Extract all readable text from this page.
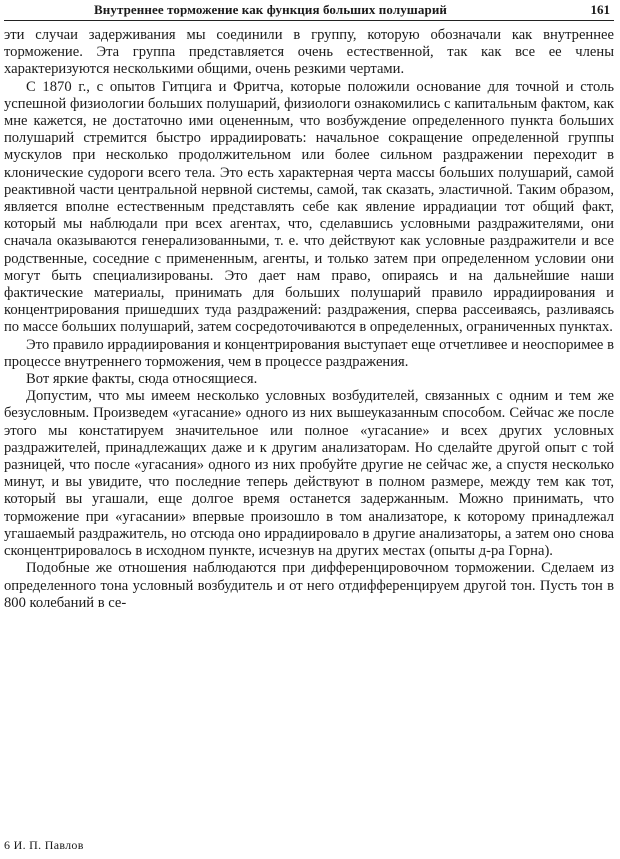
Внутреннее торможение как функция больших полушарий	161

эти случаи задерживания мы соединили в группу, которую обозначали как внутреннее торможение. Эта группа представляется очень естественной, так как все ее члены характеризуются несколькими общими, очень резкими чертами.

С 1870 г., с опытов Гитцига и Фритча, которые положили основание для точной и столь успешной физиологии больших полушарий, физиологи ознакомились с капитальным фактом, как мне кажется, не достаточно ими оцененным, что возбуждение определенного пункта больших полушарий стремится быстро иррадиировать: начальное сокращение определенной группы мускулов при несколько продолжительном или более сильном раздражении переходит в клонические судороги всего тела. Это есть характерная черта массы больших полушарий, самой реактивной части центральной нервной системы, самой, так сказать, эластичной. Таким образом, является вполне естественным представлять себе как явление иррадиации тот общий факт, который мы наблюдали при всех агентах, что, сделавшись условными раздражителями, они сначала оказываются генерализованными, т. е. что действуют как условные раздражители и все родственные, соседние с примененным, агенты, и только затем при определенном условии они могут быть специализированы. Это дает нам право, опираясь и на дальнейшие наши фактические материалы, принимать для больших полушарий правило иррадиирования и концентрирования пришедших туда раздражений: раздражения, сперва расcеиваясь, разливаясь по массе больших полушарий, затем сосредоточиваются в определенных, ограниченных пунктах.

Это правило иррадиирования и концентрирования выступает еще отчетливее и неоспоримее в процессе внутреннего торможения, чем в процессе раздражения.

Вот яркие факты, сюда относящиеся.

Допустим, что мы имеем несколько условных возбудителей, связанных с одним и тем же безусловным. Произведем «угасание» одного из них вышеуказанным способом. Сейчас же после этого мы констатируем значительное или полное «угасание» и всех других условных раздражителей, принадлежащих даже и к другим анализаторам. Но сделайте другой опыт с той разницей, что после «угасания» одного из них пробуйте другие не сейчас же, а спустя несколько минут, и вы увидите, что последние теперь действуют в полном размере, между тем как тот, который вы угашали, еще долгое время останется задержанным. Можно принимать, что торможение при «угасании» впервые произошло в том анализаторе, к которому принадлежал угашаемый раздражитель, но отсюда оно иррадиировало в другие анализаторы, а затем оно снова сконцентрировалось в исходном пункте, исчезнув на других местах (опыты д-ра Горна).

Подобные же отношения наблюдаются при дифференцировочном торможении. Сделаем из определенного тона условный возбудитель и от него отдифференцируем другой тон. Пусть тон в 800 колебаний в се-

6 И. П. Павлов
